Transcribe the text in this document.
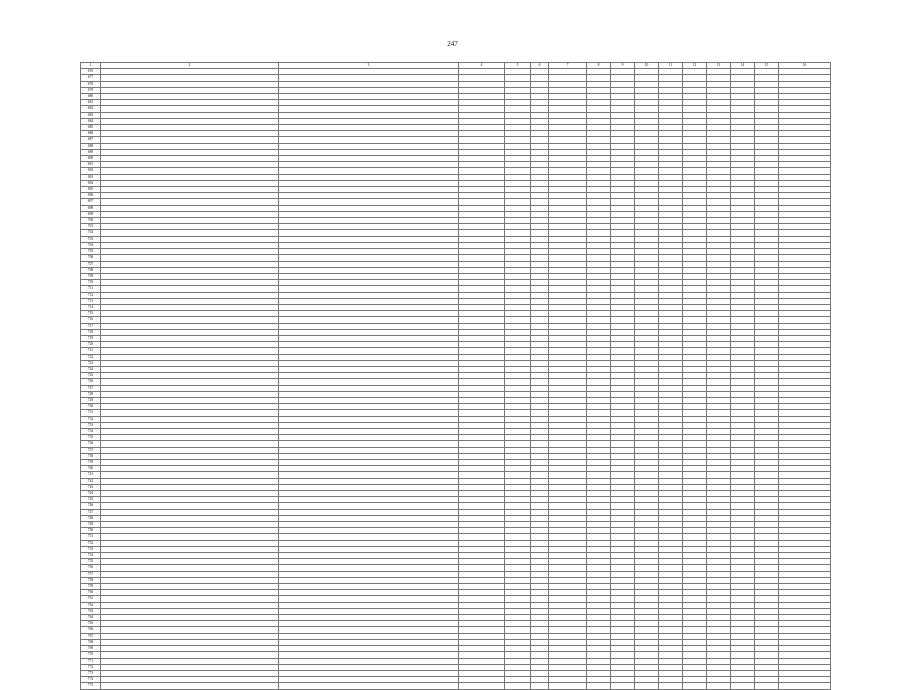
247
1	2	3	4	5	6	7	8	9	10	11	12	13	14	15	16
676															
677															
678															
679															
680															
681															
682															
683															
684															
685															
686															
687															
688															
689															
690															
691															
692															
693															
694															
695															
696															
697															
698															
699															
700															
701															
702															
703															
704															
705															
706															
707															
708															
709															
710															
711															
712															
713															
714															
715															
716															
717															
718															
719															
720															
721															
722															
723															
724															
725															
726															
727															
728															
729															
730															
731															
732															
733															
734															
735															
736															
737															
738															
739															
740															
741															
742															
743															
744															
745															
746															
747															
748															
749															
750															
751															
752															
753															
754															
755															
756															
757															
758															
759															
760															
761															
762															
763															
764															
765															
766															
767															
768															
769															
770															
771															
772															
773															
774															
775															
